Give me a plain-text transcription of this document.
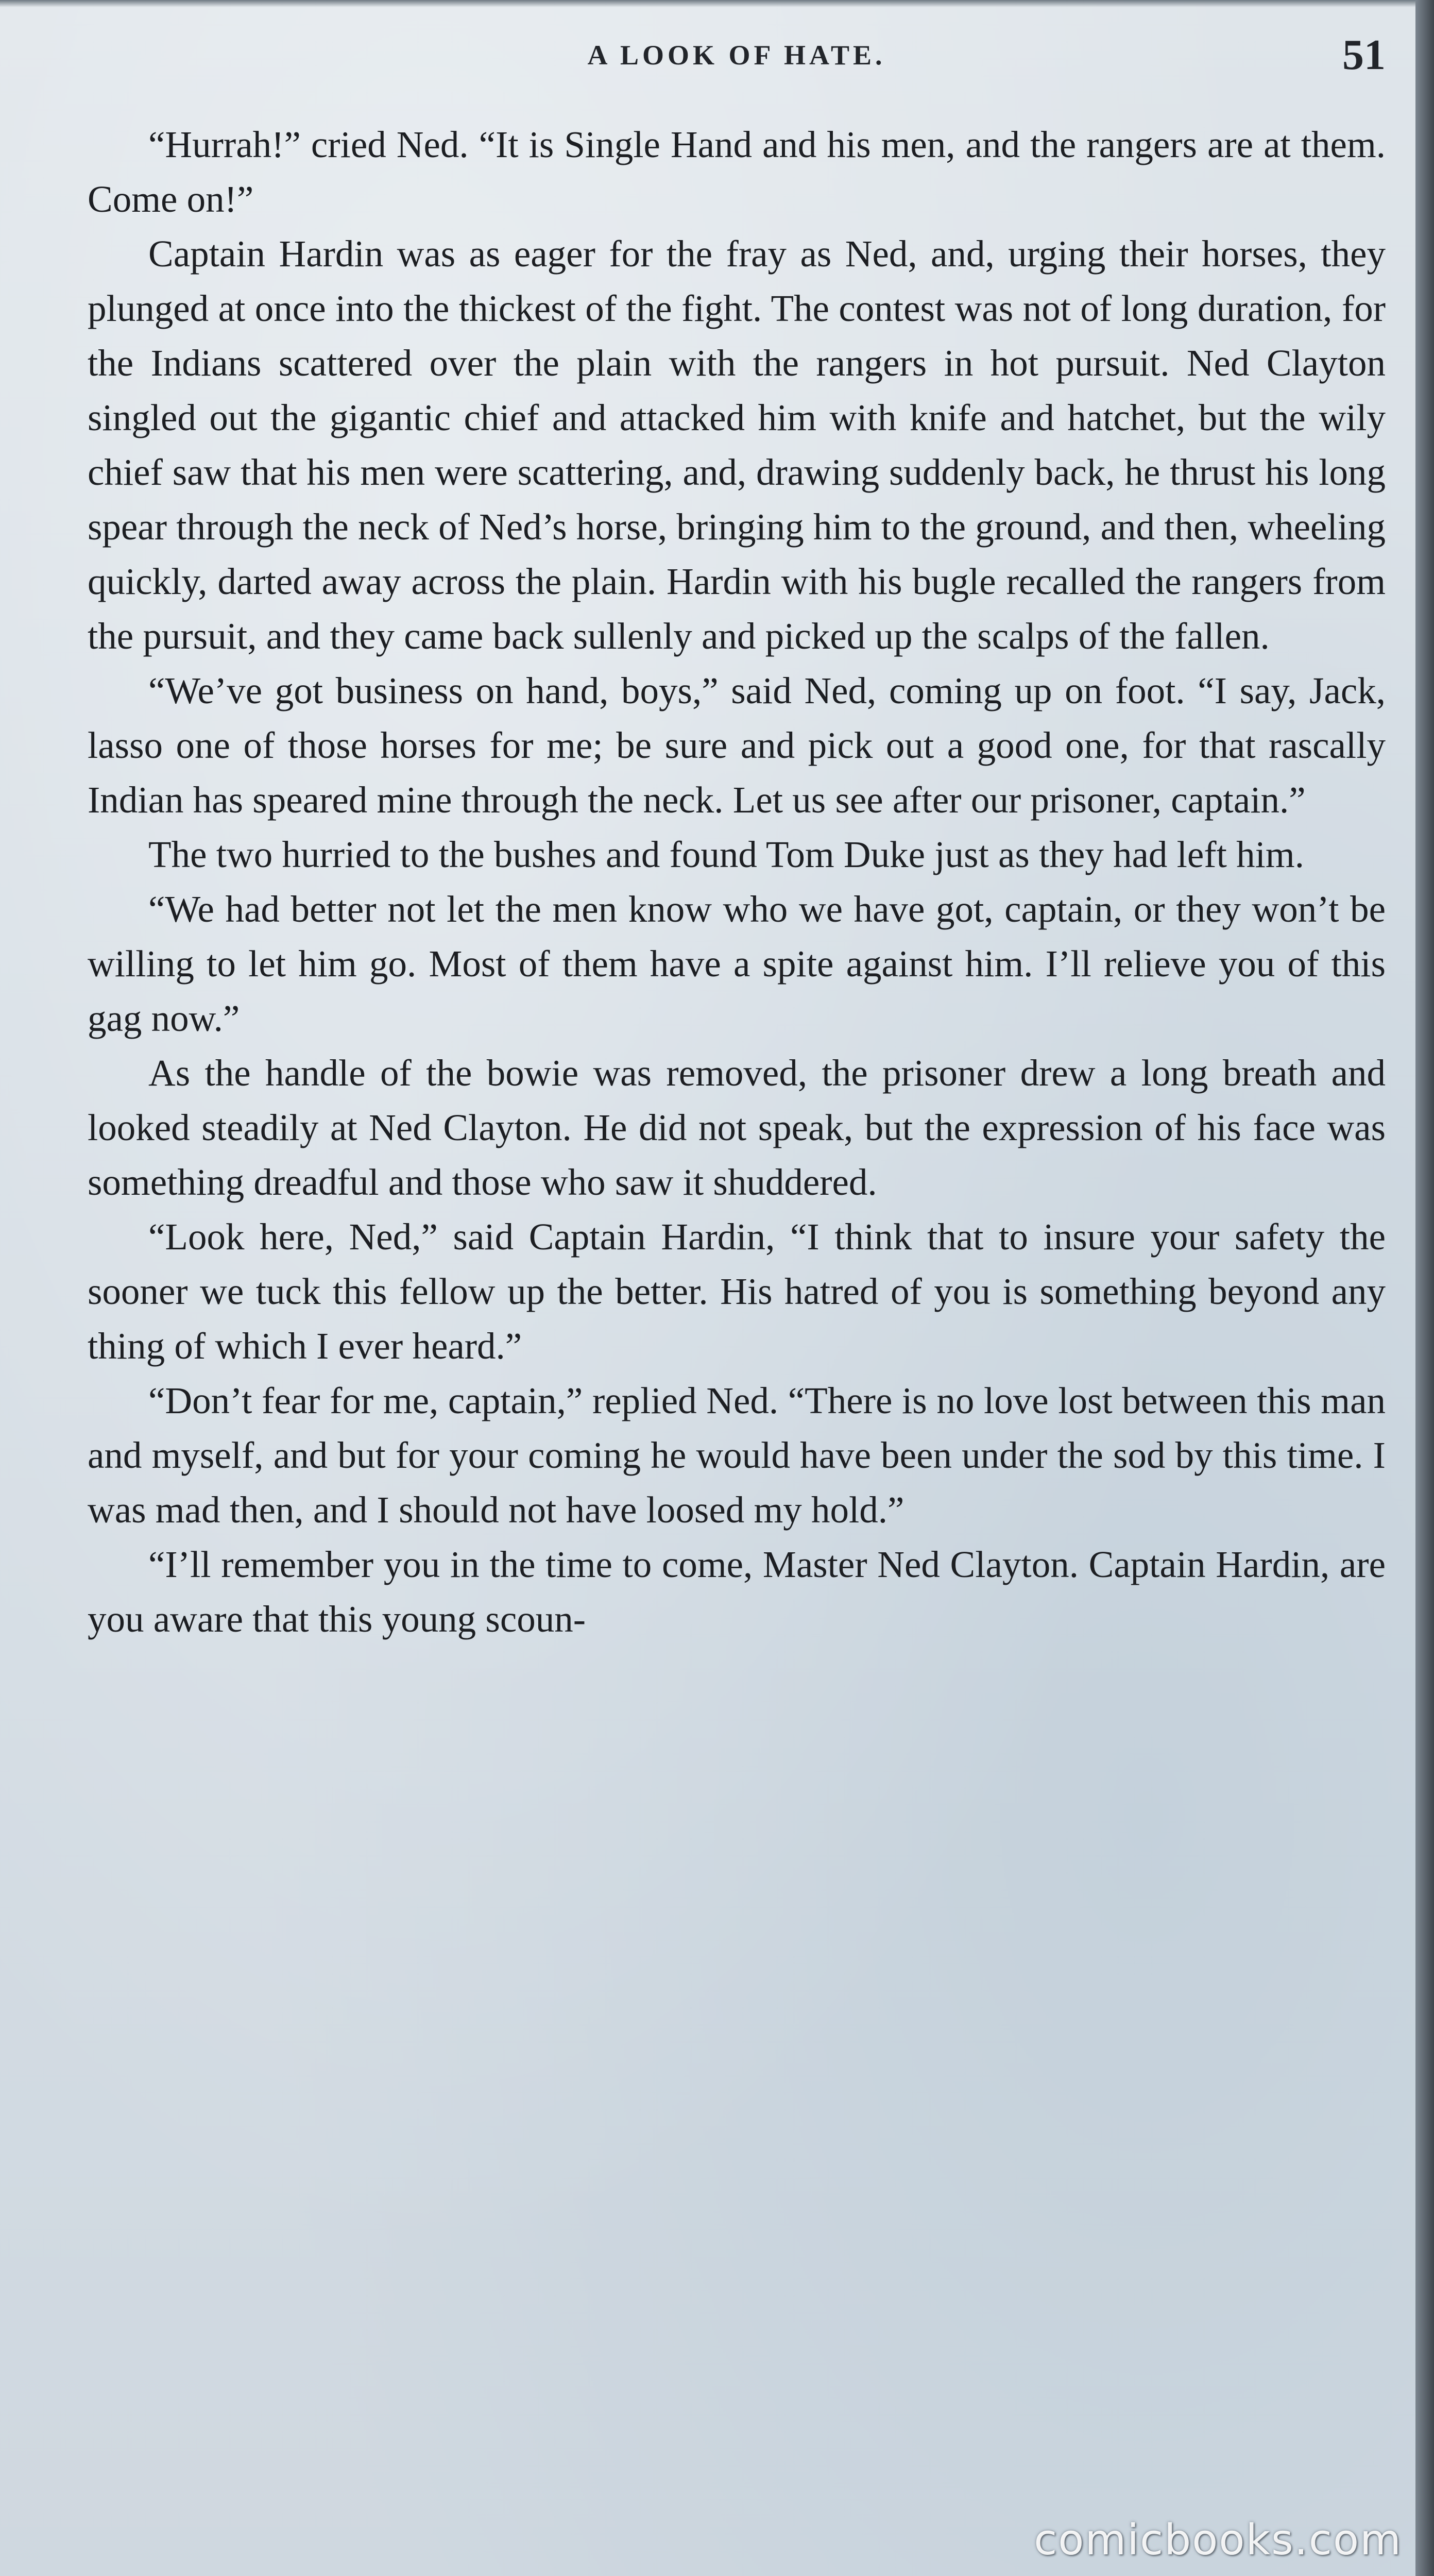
A LOOK OF HATE.	51

“Hurrah!” cried Ned. “It is Single Hand and his men, and the rangers are at them. Come on!”

Captain Hardin was as eager for the fray as Ned, and, urging their horses, they plunged at once into the thickest of the fight. The contest was not of long duration, for the Indians scattered over the plain with the rangers in hot pursuit. Ned Clayton singled out the gigantic chief and attacked him with knife and hatchet, but the wily chief saw that his men were scattering, and, drawing suddenly back, he thrust his long spear through the neck of Ned’s horse, bringing him to the ground, and then, wheeling quickly, darted away across the plain. Hardin with his bugle recalled the rangers from the pursuit, and they came back sullenly and picked up the scalps of the fallen.

“We’ve got business on hand, boys,” said Ned, coming up on foot. “I say, Jack, lasso one of those horses for me; be sure and pick out a good one, for that rascally Indian has speared mine through the neck. Let us see after our prisoner, captain.”

The two hurried to the bushes and found Tom Duke just as they had left him.

“We had better not let the men know who we have got, captain, or they won’t be willing to let him go. Most of them have a spite against him. I’ll relieve you of this gag now.”

As the handle of the bowie was removed, the prisoner drew a long breath and looked steadily at Ned Clayton. He did not speak, but the expression of his face was something dreadful and those who saw it shuddered.

“Look here, Ned,” said Captain Hardin, “I think that to insure your safety the sooner we tuck this fellow up the better. His hatred of you is something beyond any thing of which I ever heard.”

“Don’t fear for me, captain,” replied Ned. “There is no love lost between this man and myself, and but for your coming he would have been under the sod by this time. I was mad then, and I should not have loosed my hold.”

“I’ll remember you in the time to come, Master Ned Clayton. Captain Hardin, are you aware that this young scoun-

comicbooks.com
